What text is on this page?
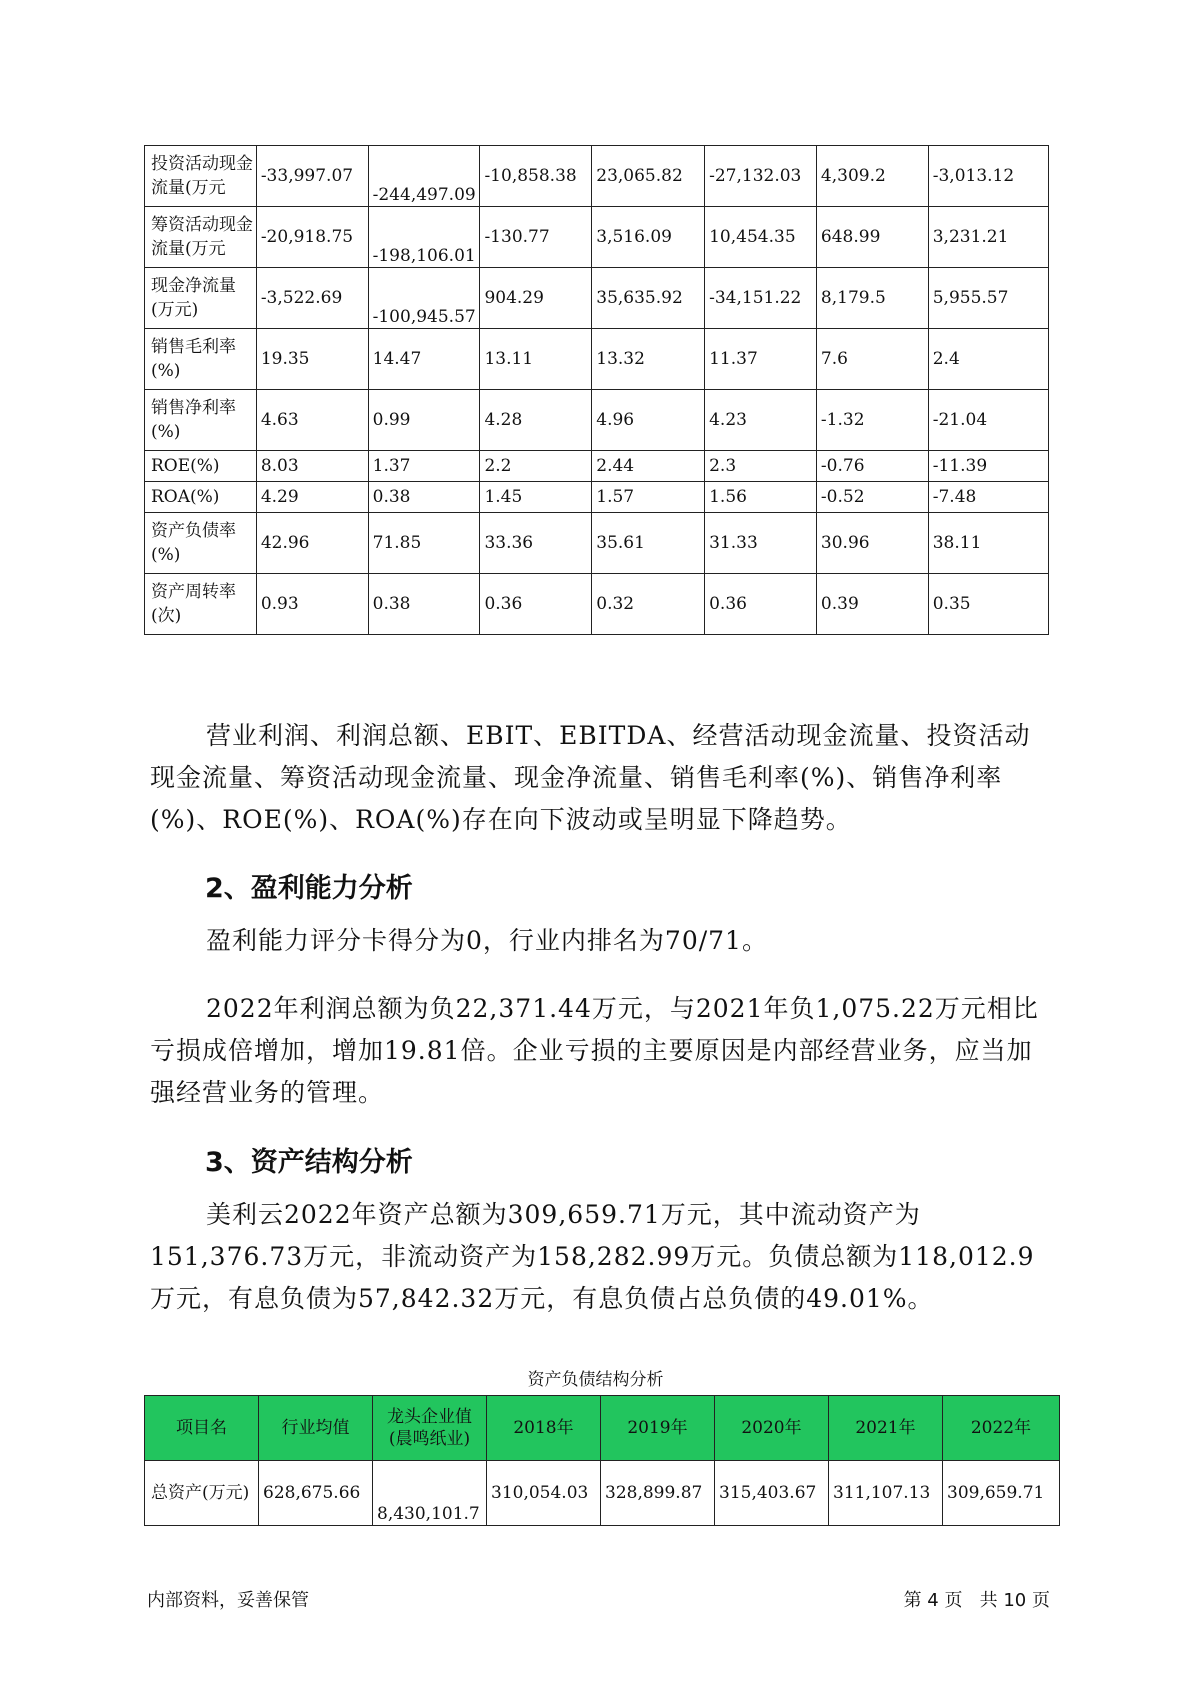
投资活动现金流量(万元	-33,997.07	-244,497.09	-10,858.38	23,065.82	-27,132.03	4,309.2	-3,013.12
筹资活动现金流量(万元	-20,918.75	-198,106.01	-130.77	3,516.09	10,454.35	648.99	3,231.21
现金净流量(万元)	-3,522.69	-100,945.57	904.29	35,635.92	-34,151.22	8,179.5	5,955.57
销售毛利率(%)	19.35	14.47	13.11	13.32	11.37	7.6	2.4
销售净利率(%)	4.63	0.99	4.28	4.96	4.23	-1.32	-21.04
ROE(%)	8.03	1.37	2.2	2.44	2.3	-0.76	-11.39
ROA(%)	4.29	0.38	1.45	1.57	1.56	-0.52	-7.48
资产负债率(%)	42.96	71.85	33.36	35.61	31.33	30.96	38.11
资产周转率(次)	0.93	0.38	0.36	0.32	0.36	0.39	0.35

营业利润、利润总额、EBIT、EBITDA、经营活动现金流量、投资活动现金流量、筹资活动现金流量、现金净流量、销售毛利率(%)、销售净利率(%)、ROE(%)、ROA(%)存在向下波动或呈明显下降趋势。

2、盈利能力分析

盈利能力评分卡得分为0，行业内排名为70/71。

2022年利润总额为负22,371.44万元，与2021年负1,075.22万元相比亏损成倍增加，增加19.81倍。企业亏损的主要原因是内部经营业务，应当加强经营业务的管理。

3、资产结构分析

美利云2022年资产总额为309,659.71万元，其中流动资产为151,376.73万元，非流动资产为158,282.99万元。负债总额为118,012.9万元，有息负债为57,842.32万元，有息负债占总负债的49.01%。

资产负债结构分析
项目名	行业均值	龙头企业值(晨鸣纸业)	2018年	2019年	2020年	2021年	2022年
总资产(万元)	628,675.66	8,430,101.7	310,054.03	328,899.87	315,403.67	311,107.13	309,659.71
内部资料，妥善保管	第 4 页   共 10 页
